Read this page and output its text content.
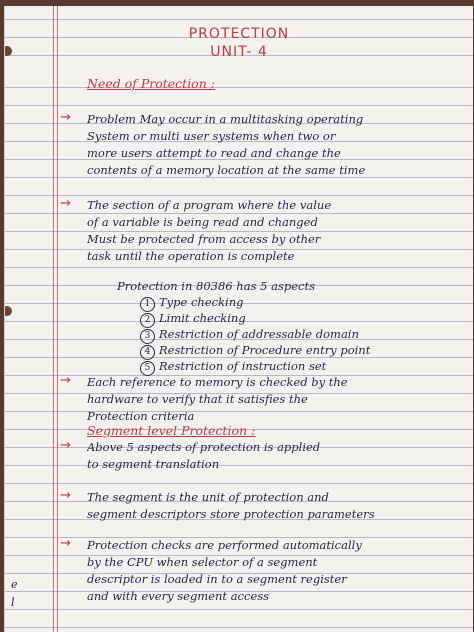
PROTECTION
UNIT- 4
Need of Protection :
→ Problem May occur in a multitasking operating
System or multi user systems when two or
more users attempt to read and change the
contents of a memory location at the same time
→ The section of a program where the value
of a variable is being read and changed
Must be protected from access by other
task until the operation is complete
Protection in 80386 has 5 aspects
1 Type checking
2 Limit checking
3 Restriction of addressable domain
4 Restriction of Procedure entry point
5 Restriction of instruction set
→ Each reference to memory is checked by the
hardware to verify that it satisfies the
Protection criteria
Segment level Protection :
→ Above 5 aspects of protection is applied
to segment translation
→ The segment is the unit of protection and
segment descriptors store protection parameters
→ Protection checks are performed automatically
by the CPU when selector of a segment
descriptor is loaded in to a segment register
and with every segment access
e
l
